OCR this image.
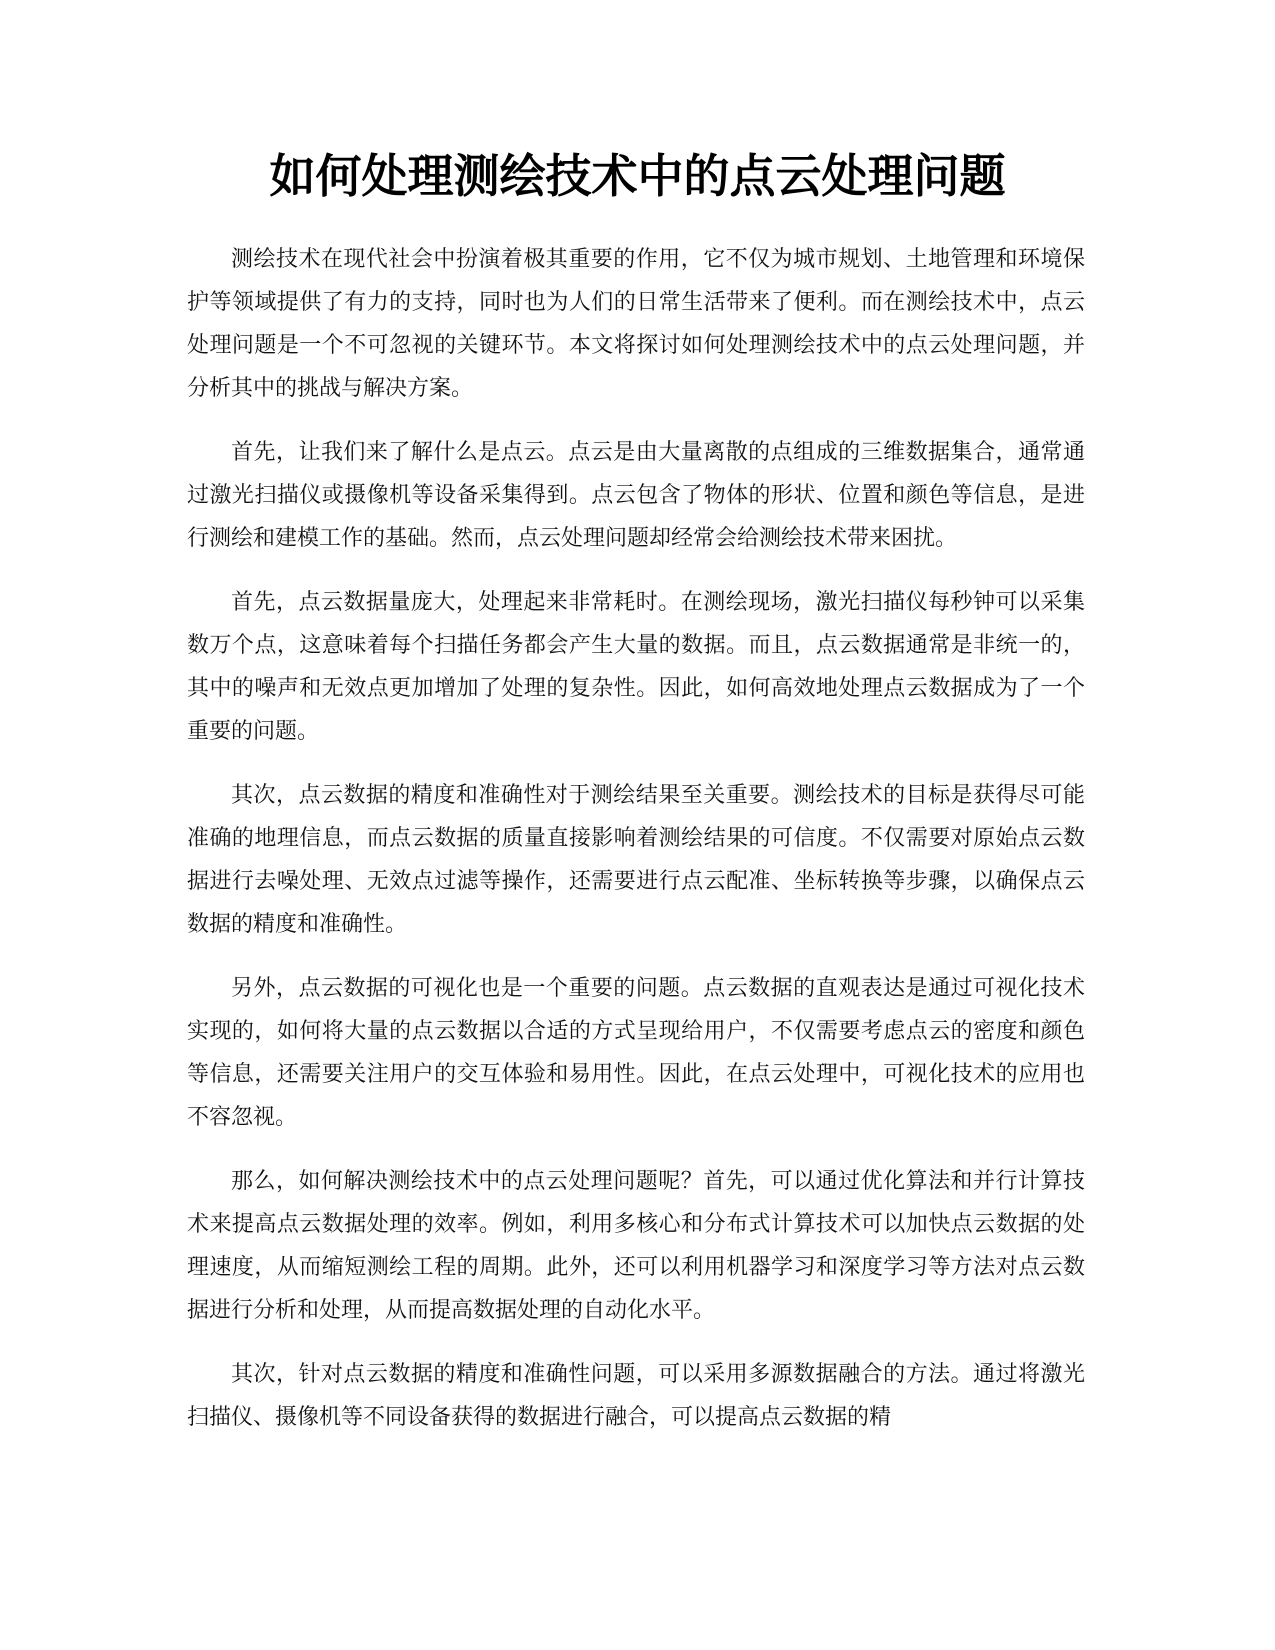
如何处理测绘技术中的点云处理问题

测绘技术在现代社会中扮演着极其重要的作用，它不仅为城市规划、土地管理和环境保护等领域提供了有力的支持，同时也为人们的日常生活带来了便利。而在测绘技术中，点云处理问题是一个不可忽视的关键环节。本文将探讨如何处理测绘技术中的点云处理问题，并分析其中的挑战与解决方案。

首先，让我们来了解什么是点云。点云是由大量离散的点组成的三维数据集合，通常通过激光扫描仪或摄像机等设备采集得到。点云包含了物体的形状、位置和颜色等信息，是进行测绘和建模工作的基础。然而，点云处理问题却经常会给测绘技术带来困扰。

首先，点云数据量庞大，处理起来非常耗时。在测绘现场，激光扫描仪每秒钟可以采集数万个点，这意味着每个扫描任务都会产生大量的数据。而且，点云数据通常是非统一的，其中的噪声和无效点更加增加了处理的复杂性。因此，如何高效地处理点云数据成为了一个重要的问题。

其次，点云数据的精度和准确性对于测绘结果至关重要。测绘技术的目标是获得尽可能准确的地理信息，而点云数据的质量直接影响着测绘结果的可信度。不仅需要对原始点云数据进行去噪处理、无效点过滤等操作，还需要进行点云配准、坐标转换等步骤，以确保点云数据的精度和准确性。

另外，点云数据的可视化也是一个重要的问题。点云数据的直观表达是通过可视化技术实现的，如何将大量的点云数据以合适的方式呈现给用户，不仅需要考虑点云的密度和颜色等信息，还需要关注用户的交互体验和易用性。因此，在点云处理中，可视化技术的应用也不容忽视。

那么，如何解决测绘技术中的点云处理问题呢？首先，可以通过优化算法和并行计算技术来提高点云数据处理的效率。例如，利用多核心和分布式计算技术可以加快点云数据的处理速度，从而缩短测绘工程的周期。此外，还可以利用机器学习和深度学习等方法对点云数据进行分析和处理，从而提高数据处理的自动化水平。

其次，针对点云数据的精度和准确性问题，可以采用多源数据融合的方法。通过将激光扫描仪、摄像机等不同设备获得的数据进行融合，可以提高点云数据的精
